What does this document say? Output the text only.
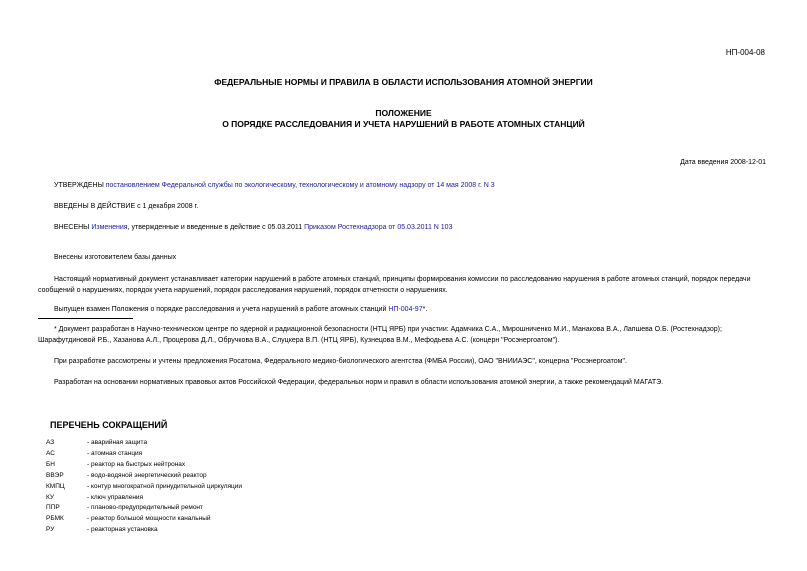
НП-004-08
ФЕДЕРАЛЬНЫЕ НОРМЫ И ПРАВИЛА В ОБЛАСТИ ИСПОЛЬЗОВАНИЯ АТОМНОЙ ЭНЕРГИИ
ПОЛОЖЕНИЕ
О ПОРЯДКЕ РАССЛЕДОВАНИЯ И УЧЕТА НАРУШЕНИЙ В РАБОТЕ АТОМНЫХ СТАНЦИЙ
Дата введения 2008-12-01
УТВЕРЖДЕНЫ постановлением Федеральной службы по экологическому, технологическому и атомному надзору от 14 мая 2008 г. N 3
ВВЕДЕНЫ В ДЕЙСТВИЕ с 1 декабря 2008 г.
ВНЕСЕНЫ Изменения, утвержденные и введенные в действие с 05.03.2011 Приказом Ростехнадзора от 05.03.2011 N 103
Внесены изготовителем базы данных
Настоящий нормативный документ устанавливает категории нарушений в работе атомных станций, принципы формирования комиссии по расследованию нарушения в работе атомных станций, порядок передачи
сообщений о нарушениях, порядок учета нарушений, порядок расследования нарушений, порядок отчетности о нарушениях.
Выпущен взамен Положения о порядке расследования и учета нарушений в работе атомных станций НП-004-97*.
* Документ разработан в Научно-техническом центре по ядерной и радиационной безопасности (НТЦ ЯРБ) при участии: Адамчика С.А., Мирошниченко М.И., Манакова В.А., Лапшева О.Б. (Ростехнадзор);
Шарафутдиновой Р.Б., Хазанова А.Л., Процерова Д.Л., Обручкова В.А., Слуцкера В.П. (НТЦ ЯРБ), Кузнецова В.М., Мефодьева А.С. (концерн "Росэнергоатом").
При разработке рассмотрены и учтены предложения Росатома, Федерального медико-биологического агентства (ФМБА России), ОАО "ВНИИАЭС", концерна "Росэнергоатом".
Разработан на основании нормативных правовых актов Российской Федерации, федеральных норм и правил в области использования атомной энергии, а также рекомендаций МАГАТЭ.
ПЕРЕЧЕНЬ СОКРАЩЕНИЙ
АЗ	- аварийная защита
АС	- атомная станция
БН	- реактор на быстрых нейтронах
ВВЭР	- водо-водяной энергетический реактор
КМПЦ	- контур многократной принудительной циркуляции
КУ	- ключ управления
ППР	- планово-предупредительный ремонт
РБМК	- реактор большой мощности канальный
РУ	- реакторная установка
